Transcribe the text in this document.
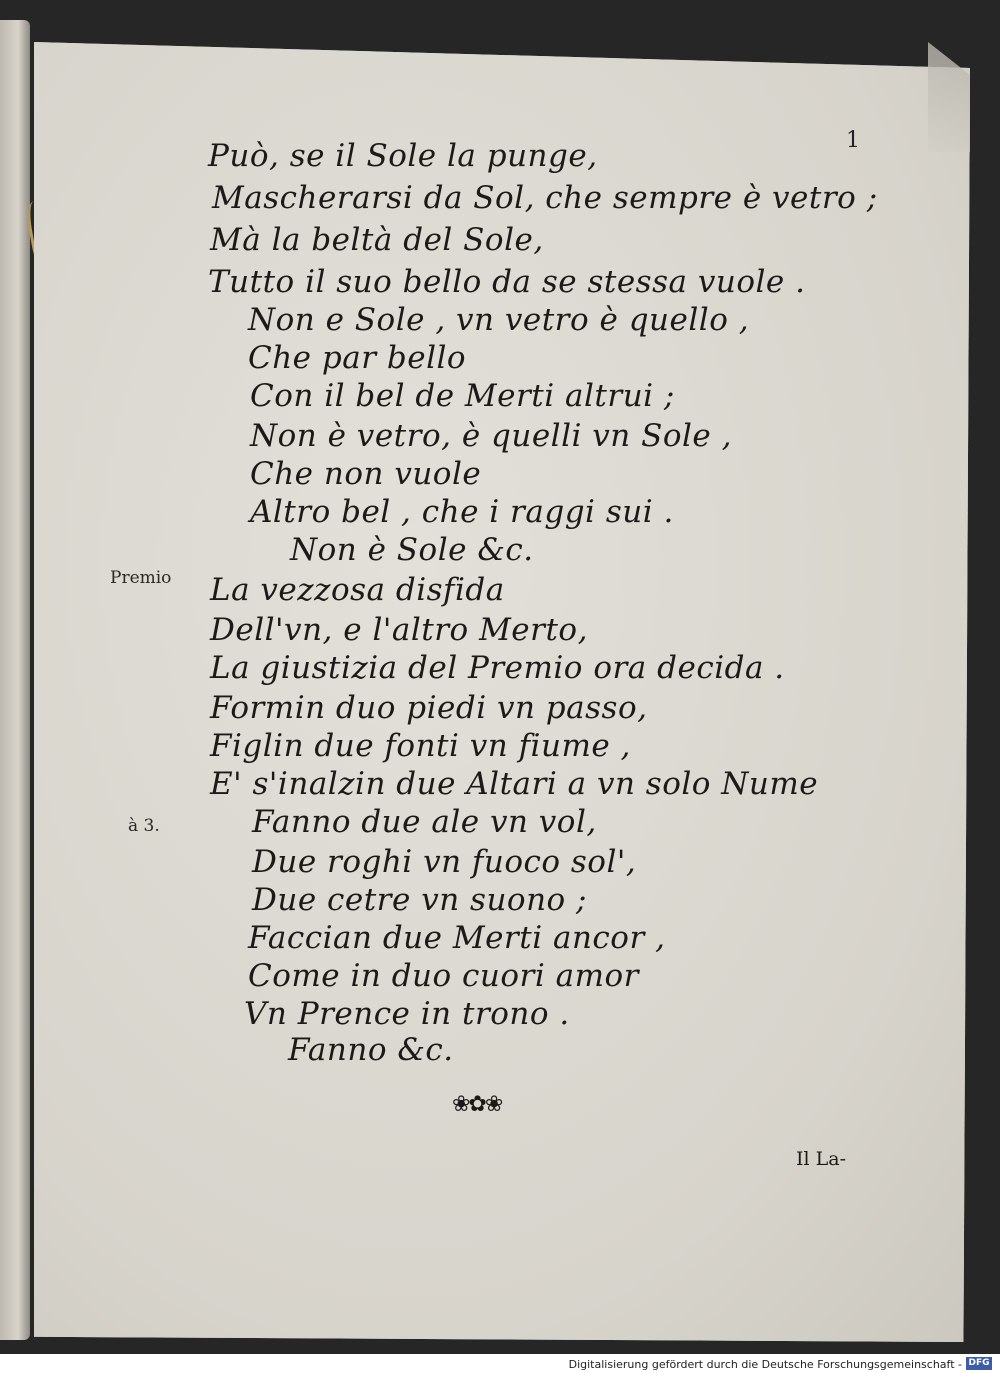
1

Può, se il Sole la punge,

Mascherarsi da Sol, che sempre è vetro ;

Mà la beltà del Sole,

Tutto il suo bello da se stessa vuole .

Non e Sole , vn vetro è quello ,

Che par bello

Con il bel de Merti altrui ;

Non è vetro, è quelli vn Sole ,

Che non vuole

Altro bel , che i raggi sui .

Non è Sole &c.

La vezzosa disfida

Dell'vn, e l'altro Merto,

La giustizia del Premio ora decida .

Formin duo piedi vn passo,

Figlin due fonti vn fiume ,

E' s'inalzin due Altari a vn solo Nume

Fanno due ale vn vol,

Due roghi vn fuoco sol',

Due cetre vn suono ;

Faccian due Merti ancor ,

Come in duo cuori amor

Vn Prence in trono .

Fanno &c.

Premio
à 3.
❀✿❀
Il La-
Digitalisierung gefördert durch die Deutsche Forschungsgemeinschaft - DFG
